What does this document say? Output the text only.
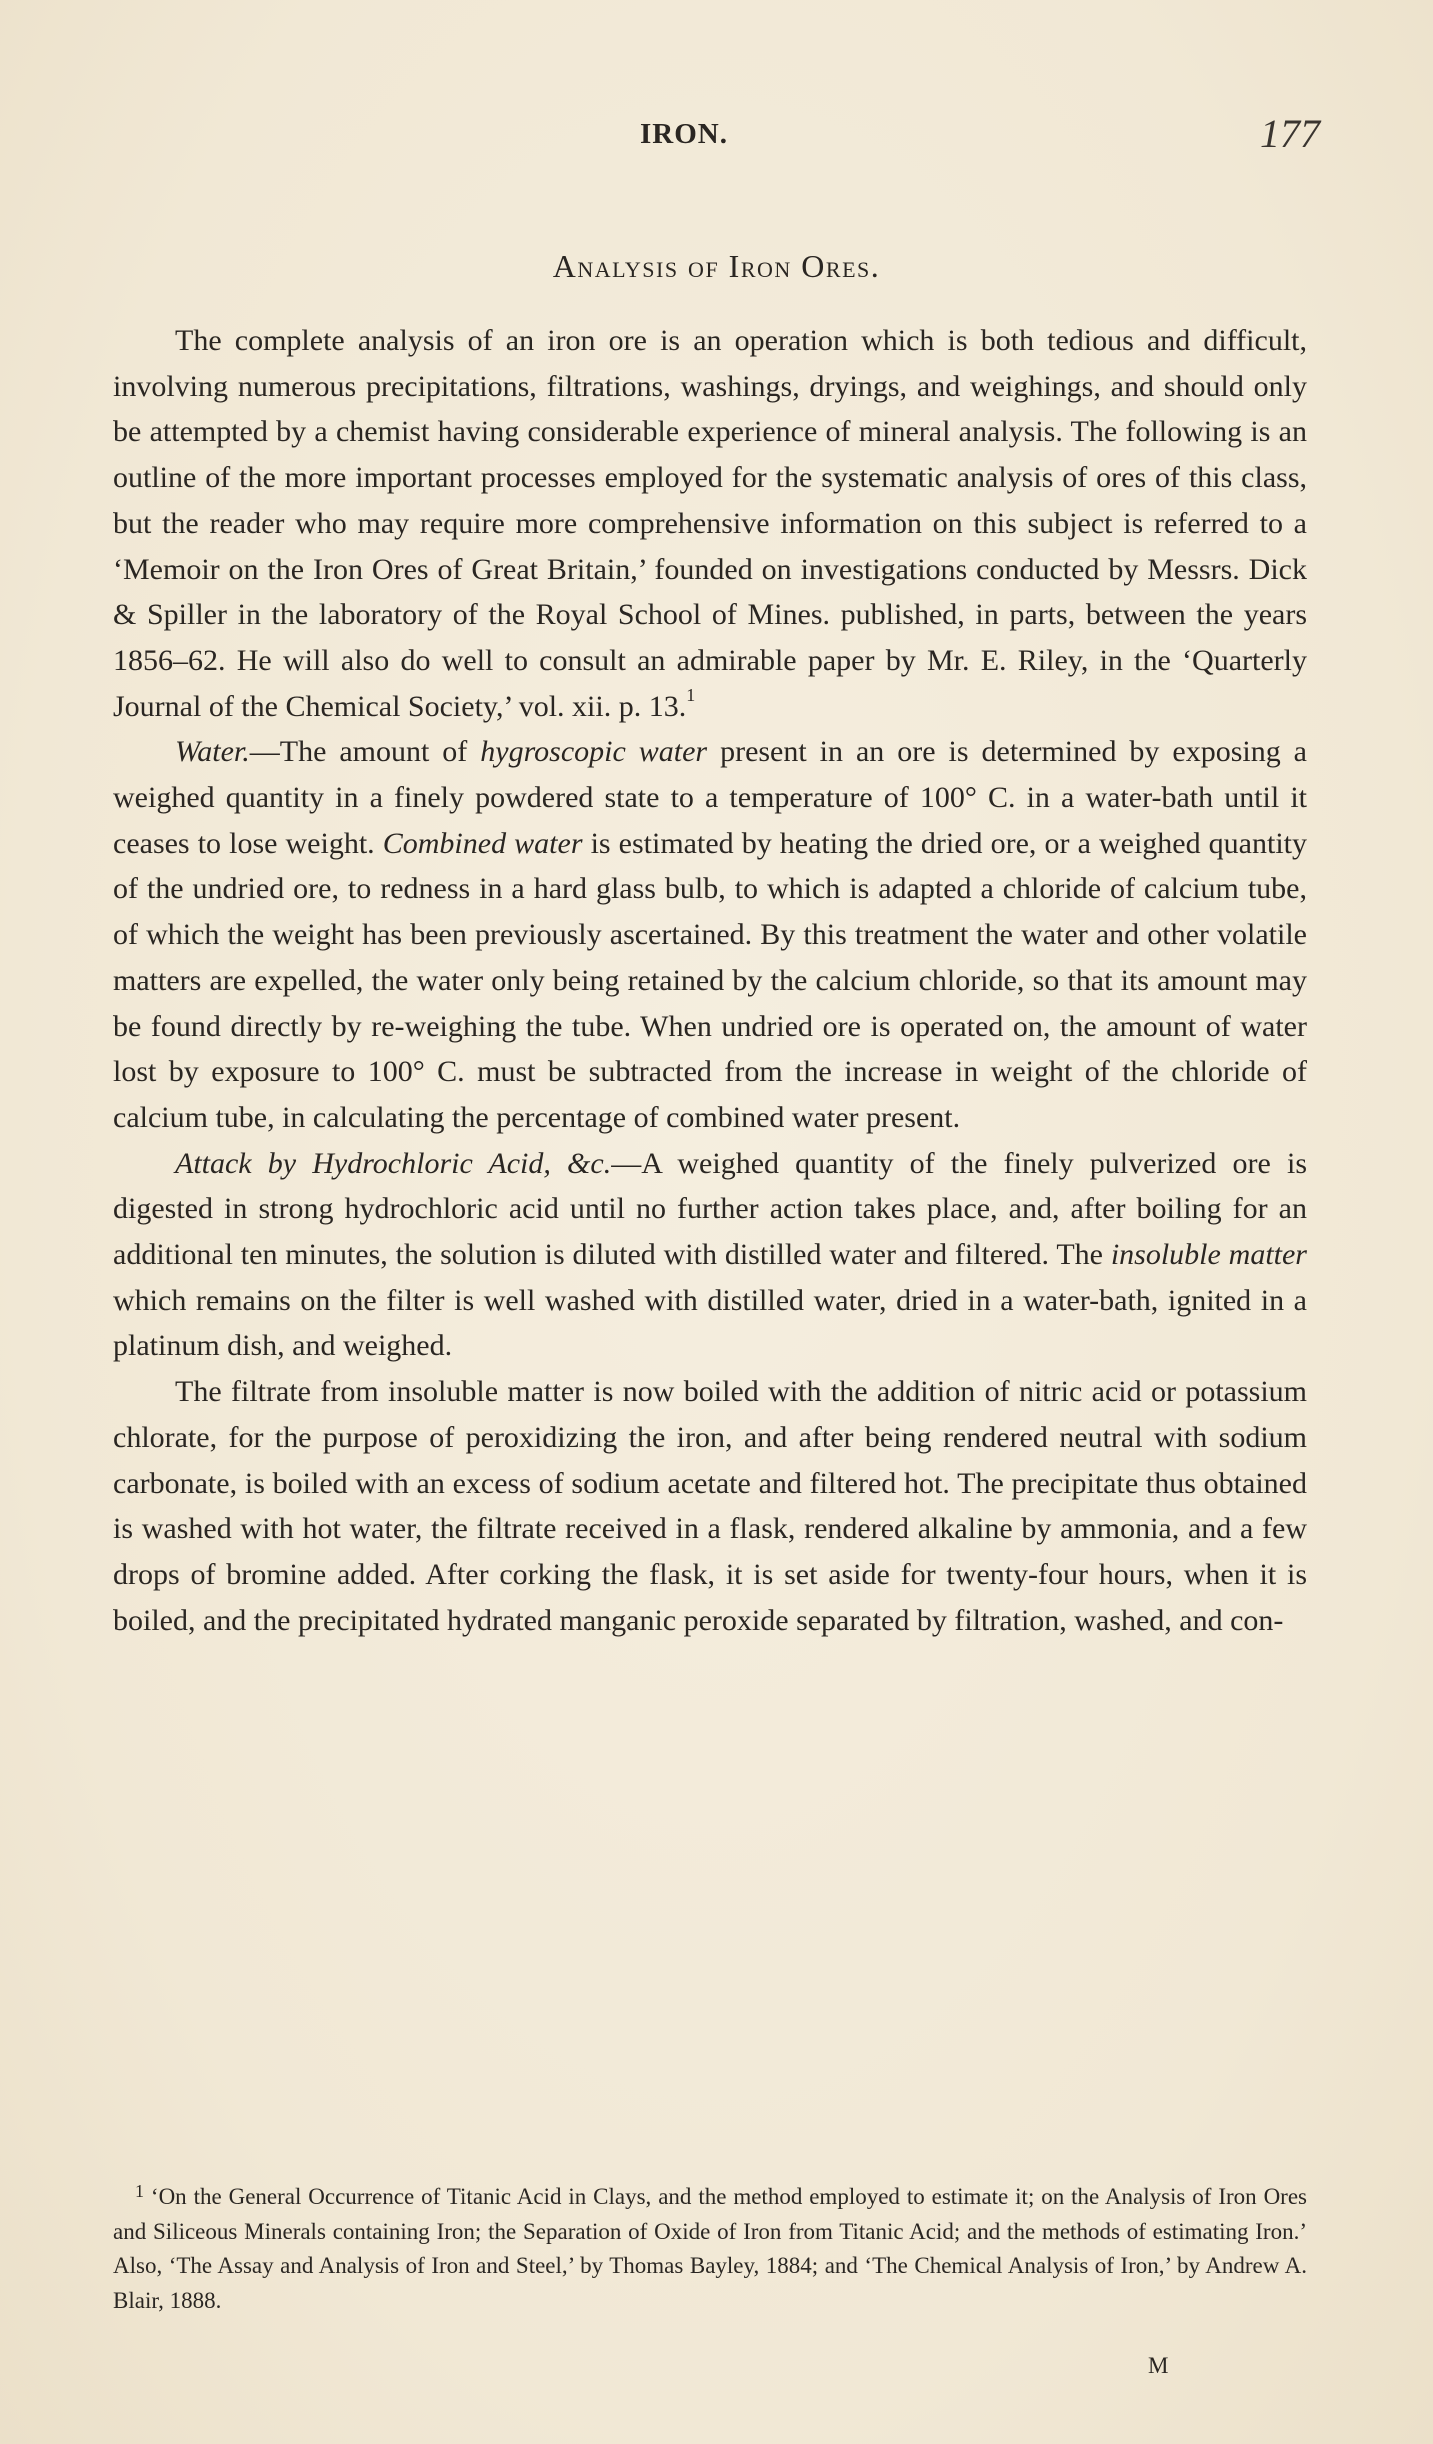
IRON.	177
Analysis of Iron Ores.

The complete analysis of an iron ore is an operation which is both tedious and difficult, involving numerous precipitations, filtrations, washings, dryings, and weighings, and should only be attempted by a chemist having considerable experience of mineral analysis. The following is an outline of the more important processes employed for the systematic analysis of ores of this class, but the reader who may require more comprehensive information on this subject is referred to a ‘Memoir on the Iron Ores of Great Britain,’ founded on investigations conducted by Messrs. Dick & Spiller in the laboratory of the Royal School of Mines. published, in parts, between the years 1856–62. He will also do well to consult an admirable paper by Mr. E. Riley, in the ‘Quarterly Journal of the Chemical Society,’ vol. xii. p. 13.$^1$

Water.—The amount of hygroscopic water present in an ore is determined by exposing a weighed quantity in a finely powdered state to a temperature of 100° C. in a water-bath until it ceases to lose weight. Combined water is estimated by heating the dried ore, or a weighed quantity of the undried ore, to redness in a hard glass bulb, to which is adapted a chloride of calcium tube, of which the weight has been previously ascertained. By this treatment the water and other volatile matters are expelled, the water only being retained by the calcium chloride, so that its amount may be found directly by re-weighing the tube. When undried ore is operated on, the amount of water lost by exposure to 100° C. must be subtracted from the increase in weight of the chloride of calcium tube, in calculating the percentage of combined water present.

Attack by Hydrochloric Acid, &c.—A weighed quantity of the finely pulverized ore is digested in strong hydrochloric acid until no further action takes place, and, after boiling for an additional ten minutes, the solution is diluted with distilled water and filtered. The insoluble matter which remains on the filter is well washed with distilled water, dried in a water-bath, ignited in a platinum dish, and weighed.

The filtrate from insoluble matter is now boiled with the addition of nitric acid or potassium chlorate, for the purpose of peroxidizing the iron, and after being rendered neutral with sodium carbonate, is boiled with an excess of sodium acetate and filtered hot. The precipitate thus obtained is washed with hot water, the filtrate received in a flask, rendered alkaline by ammonia, and a few drops of bromine added. After corking the flask, it is set aside for twenty-four hours, when it is boiled, and the precipitated hydrated manganic peroxide separated by filtration, washed, and con-

$^1$ ‘On the General Occurrence of Titanic Acid in Clays, and the method employed to estimate it; on the Analysis of Iron Ores and Siliceous Minerals containing Iron; the Separation of Oxide of Iron from Titanic Acid; and the methods of estimating Iron.’ Also, ‘The Assay and Analysis of Iron and Steel,’ by Thomas Bayley, 1884; and ‘The Chemical Analysis of Iron,’ by Andrew A. Blair, 1888.

M
